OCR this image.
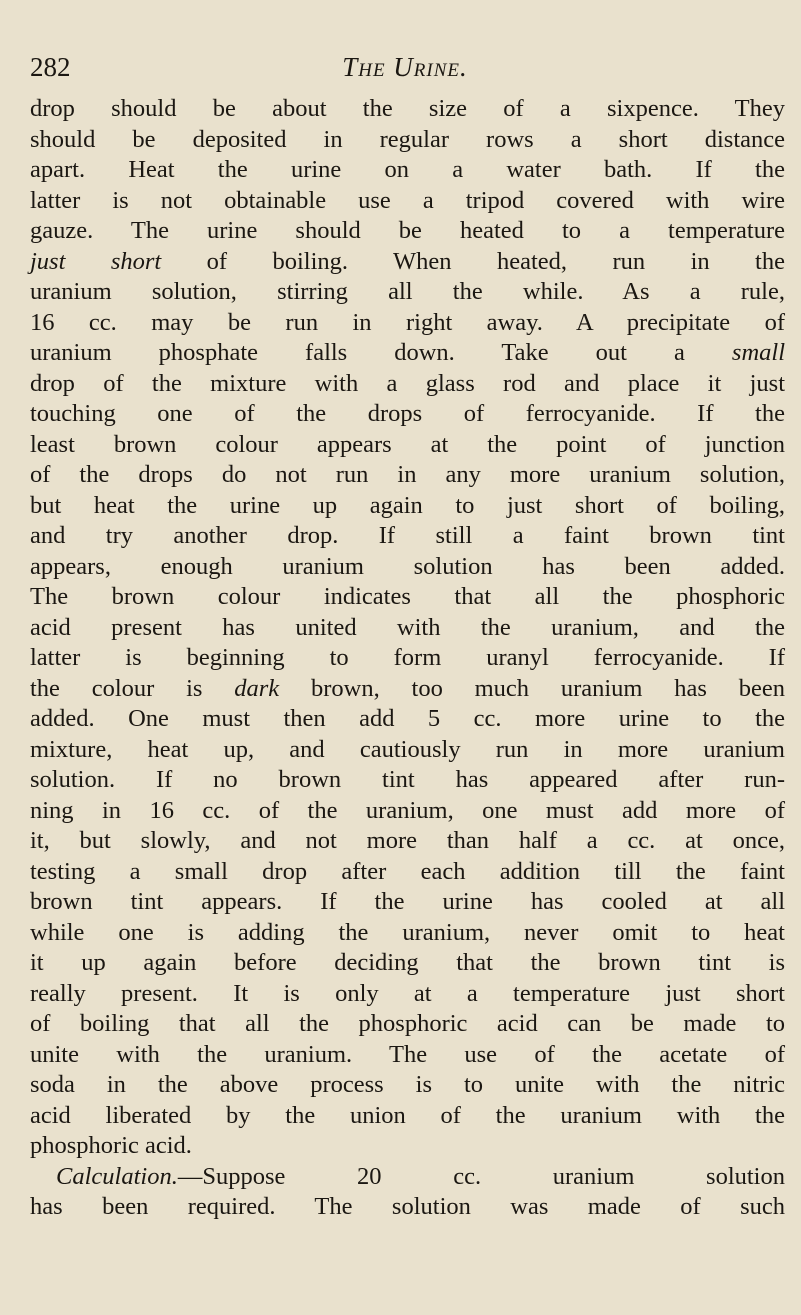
282	The Urine.
drop should be about the size of a sixpence. They
should be deposited in regular rows a short distance
apart. Heat the urine on a water bath. If the
latter is not obtainable use a tripod covered with wire
gauze. The urine should be heated to a temperature
just short of boiling. When heated, run in the
uranium solution, stirring all the while. As a rule,
16 cc. may be run in right away. A precipitate of
uranium phosphate falls down. Take out a small
drop of the mixture with a glass rod and place it just
touching one of the drops of ferrocyanide. If the
least brown colour appears at the point of junction
of the drops do not run in any more uranium solution,
but heat the urine up again to just short of boiling,
and try another drop. If still a faint brown tint
appears, enough uranium solution has been added.
The brown colour indicates that all the phosphoric
acid present has united with the uranium, and the
latter is beginning to form uranyl ferrocyanide. If
the colour is dark brown, too much uranium has been
added. One must then add 5 cc. more urine to the
mixture, heat up, and cautiously run in more uranium
solution. If no brown tint has appeared after run-
ning in 16 cc. of the uranium, one must add more of
it, but slowly, and not more than half a cc. at once,
testing a small drop after each addition till the faint
brown tint appears. If the urine has cooled at all
while one is adding the uranium, never omit to heat
it up again before deciding that the brown tint is
really present. It is only at a temperature just short
of boiling that all the phosphoric acid can be made to
unite with the uranium. The use of the acetate of
soda in the above process is to unite with the nitric
acid liberated by the union of the uranium with the
phosphoric acid.
Calculation.—Suppose 20 cc. uranium solution
has been required. The solution was made of such
